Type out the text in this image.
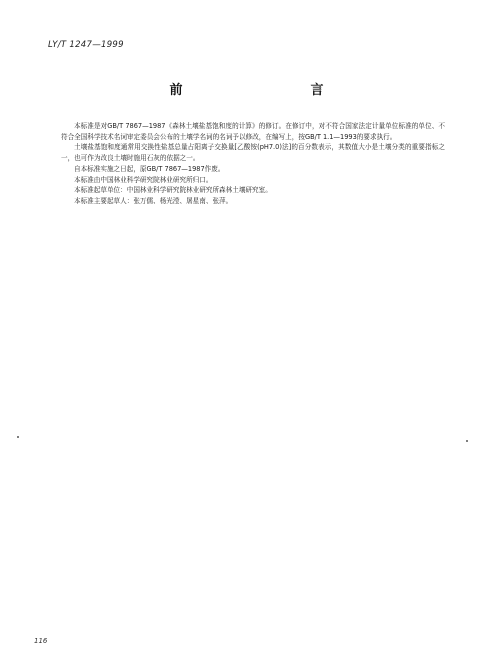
LY/T 1247—1999
前　　言

本标准是对GB/T 7867—1987《森林土壤盐基饱和度的计算》的修订。在修订中，对不符合国家法定计量单位标准的单位、不符合全国科学技术名词审定委员会公布的土壤学名词的名词予以修改，在编写上，按GB/T 1.1—1993的要求执行。

土壤盐基饱和度通常用交换性盐基总量占阳离子交换量[乙酸铵(pH7.0)法]的百分数表示，其数值大小是土壤分类的重要指标之一，也可作为改良土壤时施用石灰的依据之一。

自本标准实施之日起，原GB/T 7867—1987作废。

本标准由中国林业科学研究院林业研究所归口。

本标准起草单位：中国林业科学研究院林业研究所森林土壤研究室。

本标准主要起草人：张万儒、杨光滢、屠星南、张萍。

116
